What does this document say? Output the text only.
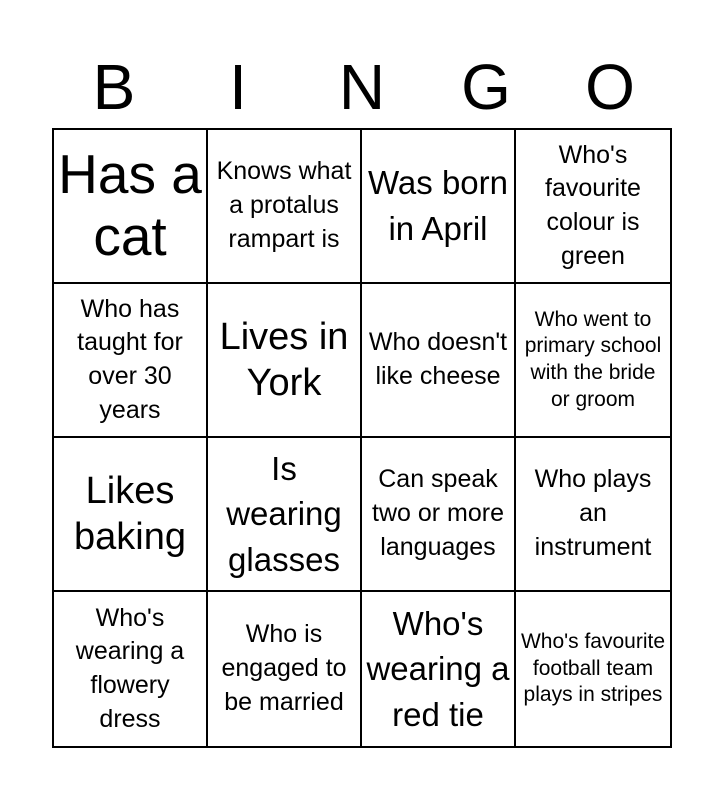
B	I	N	G	O
Has a cat
Knows what a protalus rampart is
Was born in April
Who's favourite colour is green
Who has taught for over 30 years
Lives in York
Who doesn't like cheese
Who went to primary school with the bride or groom
Likes baking
Is wearing glasses
Can speak two or more languages
Who plays an instrument
Who's wearing a flowery dress
Who is engaged to be married
Who's wearing a red tie
Who's favourite football team plays in stripes
